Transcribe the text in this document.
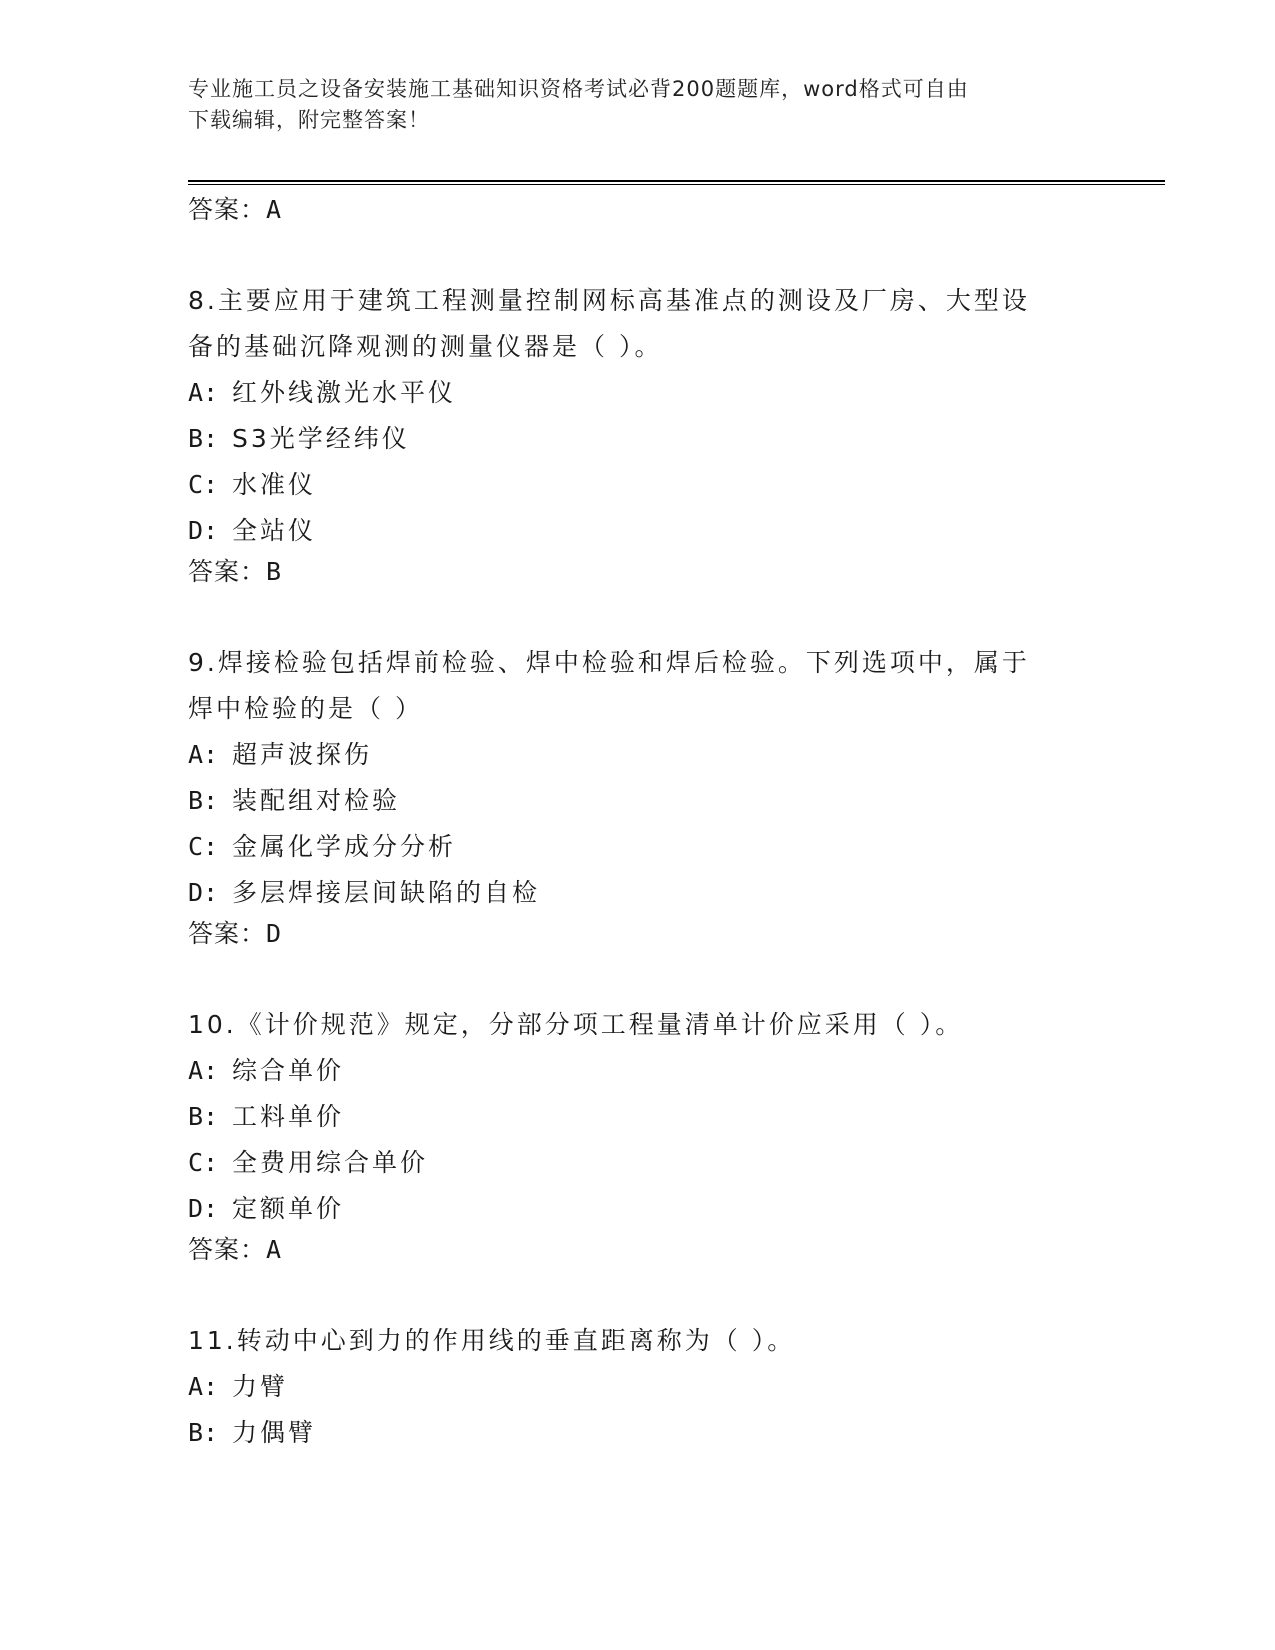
专业施工员之设备安装施工基础知识资格考试必背200题题库，word格式可自由
下载编辑，附完整答案！
答案：A
8.主要应用于建筑工程测量控制网标高基准点的测设及厂房、大型设
备的基础沉降观测的测量仪器是（ ）。
A: 红外线激光水平仪
B: S3光学经纬仪
C: 水准仪
D: 全站仪
答案：B
9.焊接检验包括焊前检验、焊中检验和焊后检验。下列选项中，属于
焊中检验的是（ ）
A: 超声波探伤
B: 装配组对检验
C: 金属化学成分分析
D: 多层焊接层间缺陷的自检
答案：D
10.《计价规范》规定，分部分项工程量清单计价应采用（ ）。
A: 综合单价
B: 工料单价
C: 全费用综合单价
D: 定额单价
答案：A
11.转动中心到力的作用线的垂直距离称为（ ）。
A: 力臂
B: 力偶臂
